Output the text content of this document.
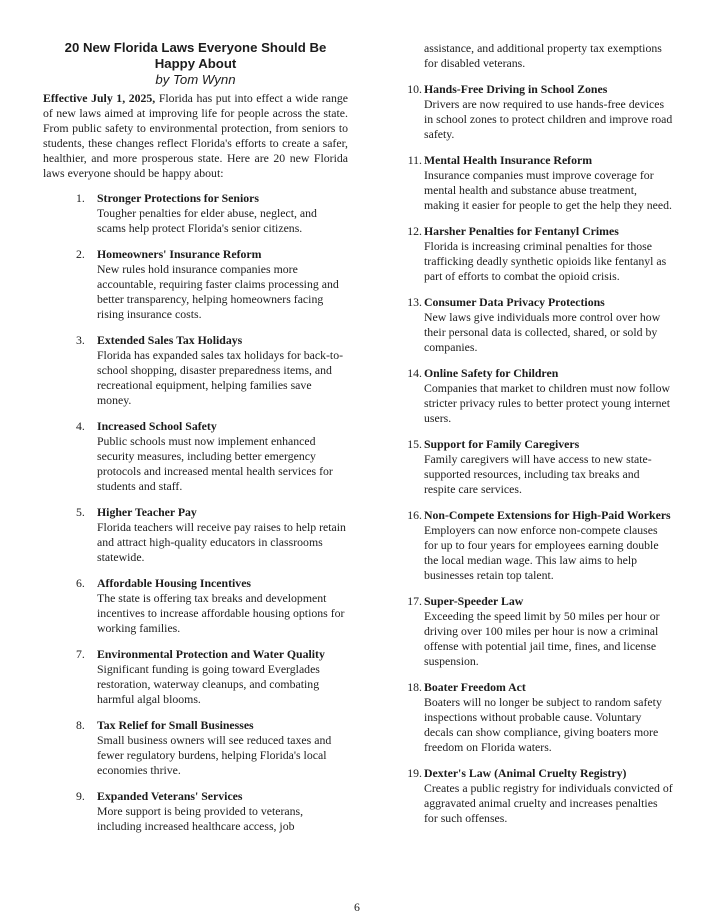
20 New Florida Laws Everyone Should Be Happy About
by Tom Wynn

Effective July 1, 2025, Florida has put into effect a wide range of new laws aimed at improving life for people across the state. From public safety to environmental protection, from seniors to students, these changes reflect Florida's efforts to create a safer, healthier, and more prosperous state. Here are 20 new Florida laws everyone should be happy about:

1. Stronger Protections for Seniors
Tougher penalties for elder abuse, neglect, and scams help protect Florida's senior citizens.
2. Homeowners' Insurance Reform
New rules hold insurance companies more accountable, requiring faster claims processing and better transparency, helping homeowners facing rising insurance costs.
3. Extended Sales Tax Holidays
Florida has expanded sales tax holidays for back-to-school shopping, disaster preparedness items, and recreational equipment, helping families save money.
4. Increased School Safety
Public schools must now implement enhanced security measures, including better emergency protocols and increased mental health services for students and staff.
5. Higher Teacher Pay
Florida teachers will receive pay raises to help retain and attract high-quality educators in classrooms statewide.
6. Affordable Housing Incentives
The state is offering tax breaks and development incentives to increase affordable housing options for working families.
7. Environmental Protection and Water Quality
Significant funding is going toward Everglades restoration, waterway cleanups, and combating harmful algal blooms.
8. Tax Relief for Small Businesses
Small business owners will see reduced taxes and fewer regulatory burdens, helping Florida's local economies thrive.
9. Expanded Veterans' Services
More support is being provided to veterans, including increased healthcare access, job
assistance, and additional property tax exemptions for disabled veterans.
10. Hands-Free Driving in School Zones
Drivers are now required to use hands-free devices in school zones to protect children and improve road safety.
11. Mental Health Insurance Reform
Insurance companies must improve coverage for mental health and substance abuse treatment, making it easier for people to get the help they need.
12. Harsher Penalties for Fentanyl Crimes
Florida is increasing criminal penalties for those trafficking deadly synthetic opioids like fentanyl as part of efforts to combat the opioid crisis.
13. Consumer Data Privacy Protections
New laws give individuals more control over how their personal data is collected, shared, or sold by companies.
14. Online Safety for Children
Companies that market to children must now follow stricter privacy rules to better protect young internet users.
15. Support for Family Caregivers
Family caregivers will have access to new state-supported resources, including tax breaks and respite care services.
16. Non-Compete Extensions for High-Paid Workers
Employers can now enforce non-compete clauses for up to four years for employees earning double the local median wage. This law aims to help businesses retain top talent.
17. Super-Speeder Law
Exceeding the speed limit by 50 miles per hour or driving over 100 miles per hour is now a criminal offense with potential jail time, fines, and license suspension.
18. Boater Freedom Act
Boaters will no longer be subject to random safety inspections without probable cause. Voluntary decals can show compliance, giving boaters more freedom on Florida waters.
19. Dexter's Law (Animal Cruelty Registry)
Creates a public registry for individuals convicted of aggravated animal cruelty and increases penalties for such offenses.
6
